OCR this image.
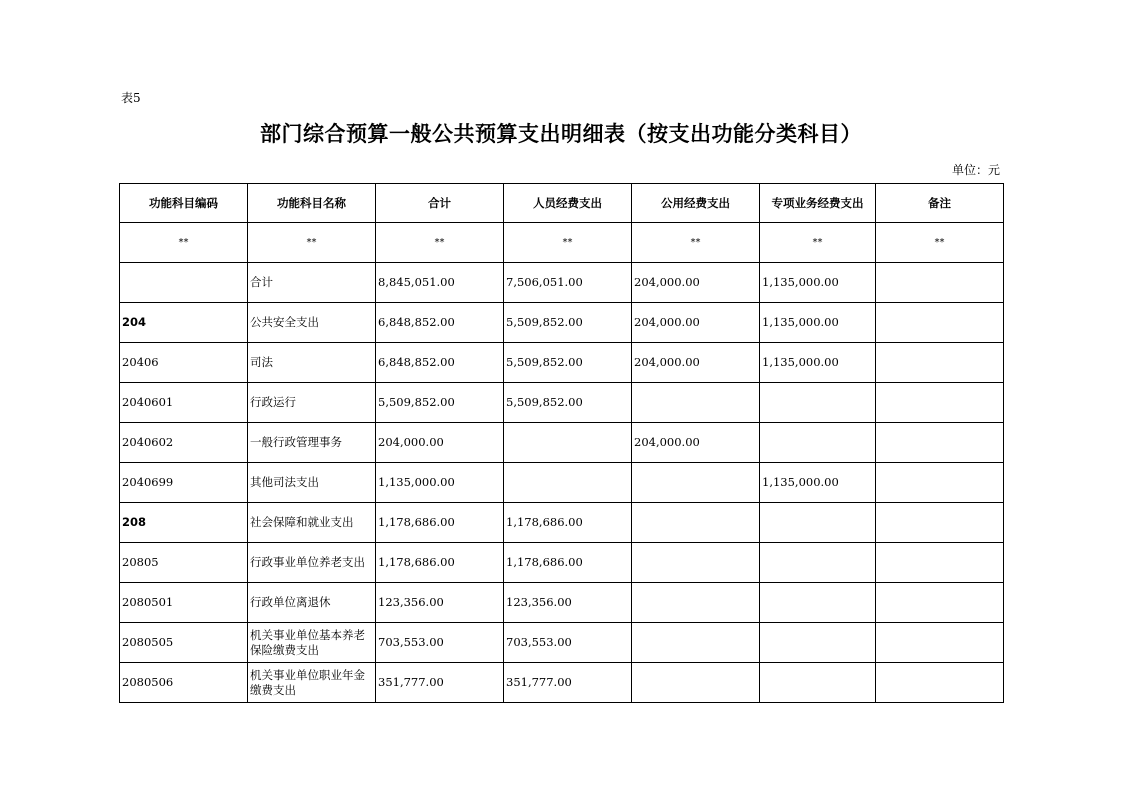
表5
部门综合预算一般公共预算支出明细表（按支出功能分类科目）
单位：元
功能科目编码	功能科目名称	合计	人员经费支出	公用经费支出	专项业务经费支出	备注
**	**	**	**	**	**	**
	合计	8,845,051.00	7,506,051.00	204,000.00	1,135,000.00	
204	公共安全支出	6,848,852.00	5,509,852.00	204,000.00	1,135,000.00	
20406	司法	6,848,852.00	5,509,852.00	204,000.00	1,135,000.00	
2040601	行政运行	5,509,852.00	5,509,852.00			
2040602	一般行政管理事务	204,000.00		204,000.00		
2040699	其他司法支出	1,135,000.00			1,135,000.00	
208	社会保障和就业支出	1,178,686.00	1,178,686.00			
20805	行政事业单位养老支出	1,178,686.00	1,178,686.00			
2080501	行政单位离退休	123,356.00	123,356.00			
2080505	机关事业单位基本养老保险缴费支出	703,553.00	703,553.00			
2080506	机关事业单位职业年金缴费支出	351,777.00	351,777.00			
